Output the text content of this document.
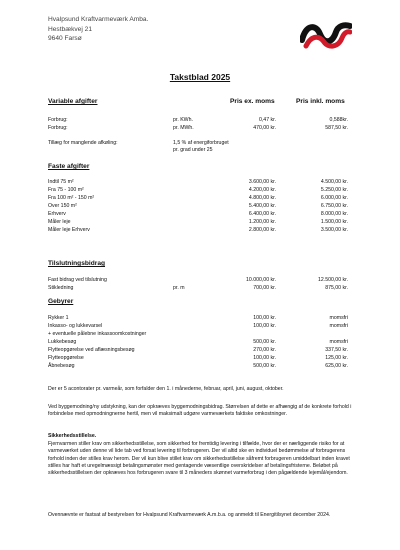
Hvalpsund Kraftvarmeværk Amba.
Hestbækvej 21
9640 Farsø
Takstblad 2025
Variable afgifter	Pris ex. moms	Pris inkl. moms
Forbrug:	pr. KWh.	0,47 kr.	0,588kr.
Forbrug:	pr. MWh.	470,00 kr.	587,50 kr.
Tillæg for manglende afkøling:	1,5 % af energiforbruget
pr. grad under 25
Faste afgifter
Indtil 75 m²	3.600,00 kr.	4.500,00 kr.
Fra 75 - 100 m²	4.200,00 kr.	5.250,00 kr.
Fra 100 m² - 150 m²	4.800,00 kr.	6.000,00 kr.
Over 150 m²	5.400,00 kr.	6.750,00 kr.
Erhverv	6.400,00 kr.	8.000,00 kr.
Måler leje	1.200,00 kr.	1.500,00 kr.
Måler leje Erhverv	2.800,00 kr.	3.500,00 kr.
Tilslutningsbidrag
Fast bidrag ved tilslutning	10.000,00 kr.	12.500,00 kr.
Stikledning	pr. m	700,00 kr.	875,00 kr.
Gebyrer
Rykker 1	100,00 kr.	momsfri
Inkasso- og lukkevarsel	100,00 kr.	momsfri
+ eventuelle pålebne inkassoomkostninger
Lukkebesøg	500,00 kr.	momsfri
Flytteopgørelse ved aflæsningsbesøg	270,00 kr.	337,50 kr.
Flytteopgørelse	100,00 kr.	125,00 kr.
Åbnebesøg	500,00 kr.	625,00 kr.
Der er 5 acontorater pr. varmeår, som forfalder den 1. i månederne, februar, april, juni, august, oktober.
Ved byggemodning/ny udstykning, kan der opkræves byggemodningsbidrag. Størrelsen af dette er afhængig af de konkrete forhold i forbindelse med opmodningnerne hertil, men vil maksimalt udgøre varmeværkets faktiske omkostninger.
Sikkerhedsstillelse.
Fjernvarmen stiller krav om sikkerhedsstillelse, som sikkerhed for fremtidig levering i tilfælde, hvor der er nærliggende risiko for at varmeværket uden denne vil lide tab ved forsat levering til forbrugeren. Der vil altid ske en individuel bedømmelse af forbrugerens forhold inden der stilles krav herom. Der vil kun blive stillet krav om sikkerhedsstillelse såfremt forbrugeren umiddelbart inden kravet stilles har haft et uregelmæssigt betalingsmønster med gentagende væsentlige overskridelser af betalingsfristerne. Beløbet på sikkerhedsstillelsen der opkræves hos forbrugeren svare til 3 måneders skønnet varmeforbrug i den pågældende lejemål/ejendom.
Ovennævnte er fastsat af bestyrelsen for Hvalpsund Kraftvarmeværk A.m.b.a. og anmeldt til Energitilsynet december 2024.
